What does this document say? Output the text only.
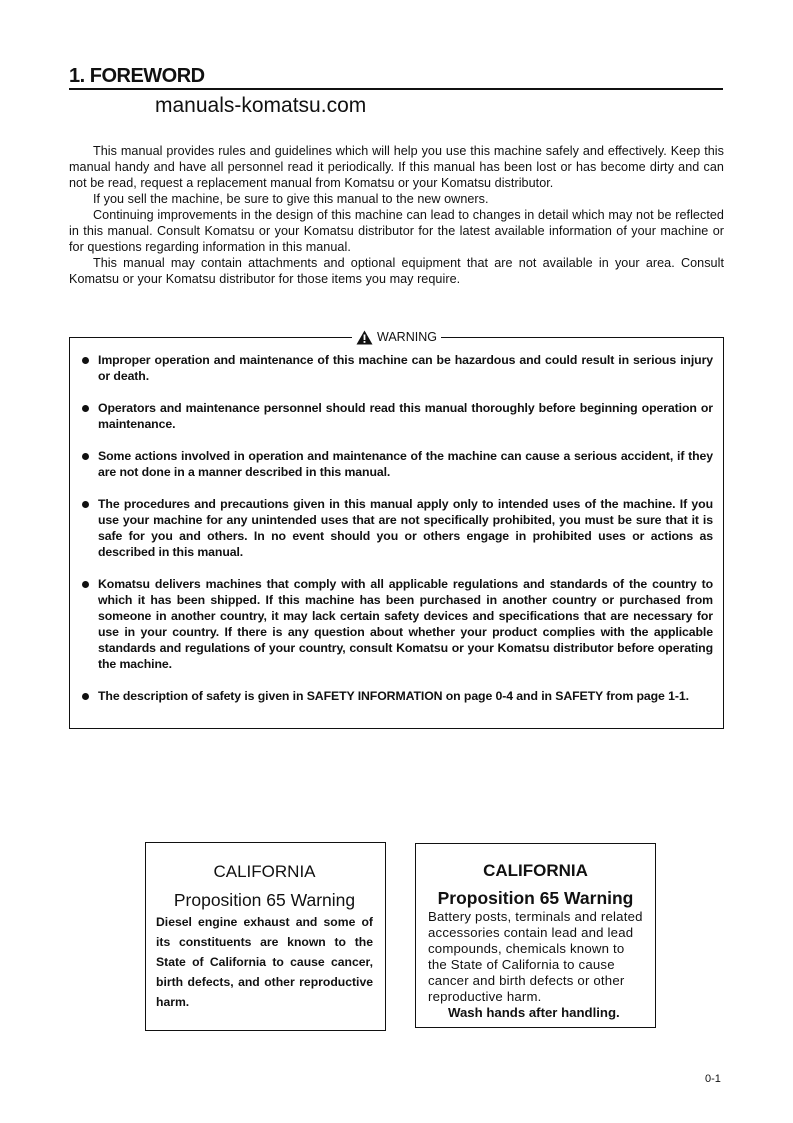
1. FOREWORD
manuals-komatsu.com

This manual provides rules and guidelines which will help you use this machine safely and effectively. Keep this manual handy and have all personnel read it periodically. If this manual has been lost or has become dirty and can not be read, request a replacement manual from Komatsu or your Komatsu distributor.

If you sell the machine, be sure to give this manual to the new owners.

Continuing improvements in the design of this machine can lead to changes in detail which may not be reflected in this manual. Consult Komatsu or your Komatsu distributor for the latest available information of your machine or for questions regarding information in this manual.

This manual may contain attachments and optional equipment that are not available in your area. Consult Komatsu or your Komatsu distributor for those items you may require.

WARNING
Improper operation and maintenance of this machine can be hazardous and could result in serious injury or death.
Operators and maintenance personnel should read this manual thoroughly before beginning operation or maintenance.
Some actions involved in operation and maintenance of the machine can cause a serious accident, if they are not done in a manner described in this manual.
The procedures and precautions given in this manual apply only to intended uses of the machine. If you use your machine for any unintended uses that are not specifically prohibited, you must be sure that it is safe for you and others. In no event should you or others engage in prohibited uses or actions as described in this manual.
Komatsu delivers machines that comply with all applicable regulations and standards of the country to which it has been shipped. If this machine has been purchased in another country or purchased from someone in another country, it may lack certain safety devices and specifications that are necessary for use in your country. If there is any question about whether your product complies with the applicable standards and regulations of your country, consult Komatsu or your Komatsu distributor before operating the machine.
The description of safety is given in SAFETY INFORMATION on page 0-4 and in SAFETY from page 1-1.
CALIFORNIA
Proposition 65 Warning
Diesel engine exhaust and some of its constituents are known to the State of California to cause cancer, birth defects, and other reproductive harm.
CALIFORNIA
Proposition 65 Warning
Battery posts, terminals and related accessories contain lead and lead compounds, chemicals known to the State of California to cause cancer and birth defects or other reproductive harm.
Wash hands after handling.
0-1
